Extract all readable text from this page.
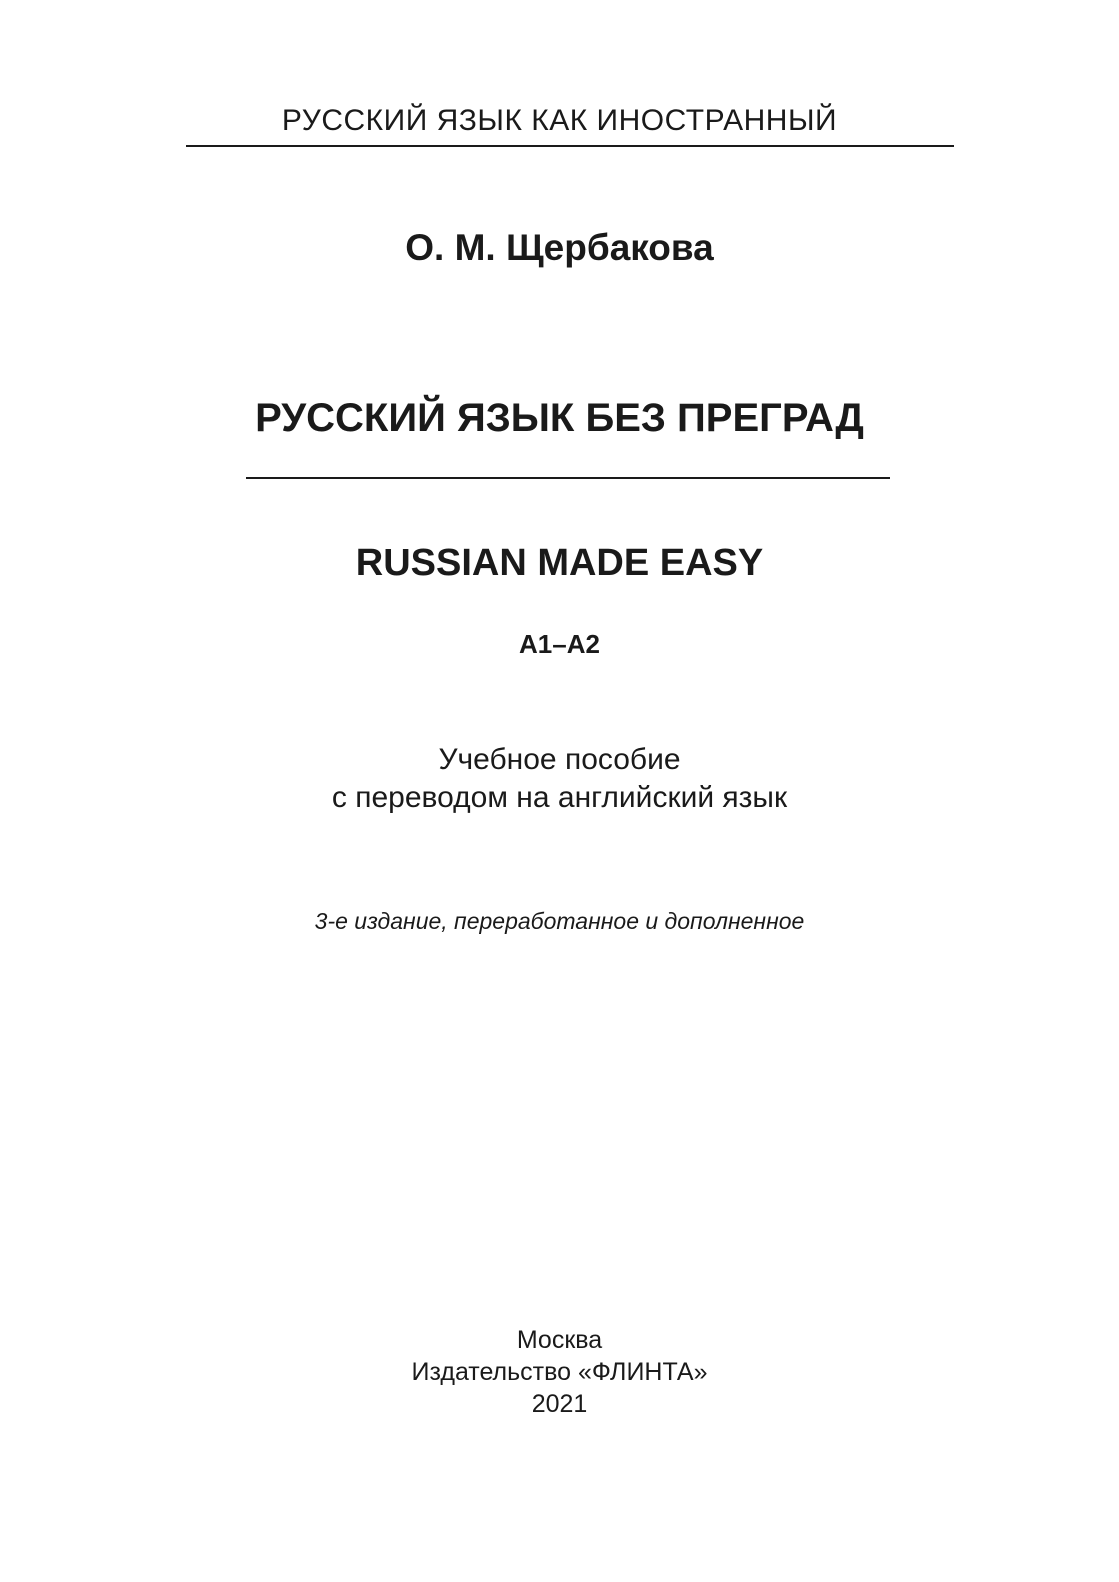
РУССКИЙ ЯЗЫК КАК ИНОСТРАННЫЙ
О. М. Щербакова
РУССКИЙ ЯЗЫК БЕЗ ПРЕГРАД
RUSSIAN MADE EASY
А1–А2
Учебное пособие
с переводом на английский язык
3-е издание, переработанное и дополненное
Москва
Издательство «ФЛИНТА»
2021
